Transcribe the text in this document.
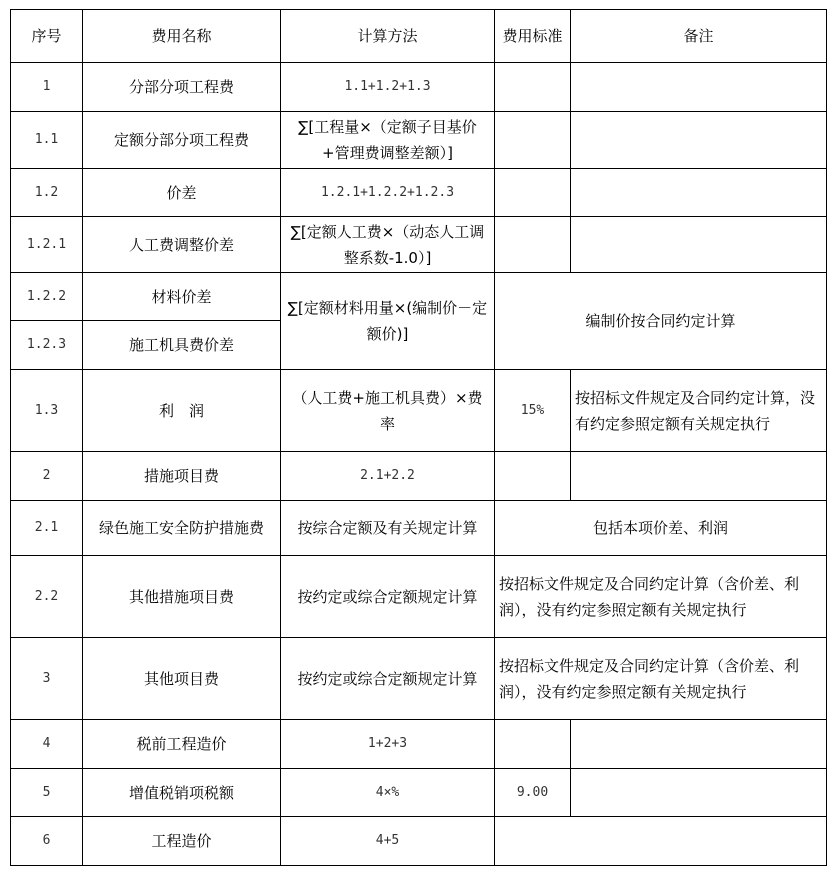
序号	费用名称	计算方法	费用标准	备注
1	分部分项工程费	1.1+1.2+1.3		
1.1	定额分部分项工程费	∑[工程量×（定额子目基价+管理费调整差额）]		
1.2	价差	1.2.1+1.2.2+1.2.3		
1.2.1	人工费调整价差	∑[定额人工费×（动态人工调整系数-1.0）]		
1.2.2	材料价差	∑[定额材料用量×(编制价－定额价)]	编制价按合同约定计算	
1.2.3	施工机具费价差			
1.3	利　润	（人工费+施工机具费）×费率	15%	按招标文件规定及合同约定计算，没有约定参照定额有关规定执行
2	措施项目费	2.1+2.2		
2.1	绿色施工安全防护措施费	按综合定额及有关规定计算	包括本项价差、利润	
2.2	其他措施项目费	按约定或综合定额规定计算	按招标文件规定及合同约定计算（含价差、利润），没有约定参照定额有关规定执行	
3	其他项目费	按约定或综合定额规定计算	按招标文件规定及合同约定计算（含价差、利润），没有约定参照定额有关规定执行	
4	税前工程造价	1+2+3		
5	增值税销项税额	4×%	9.00	
6	工程造价	4+5		
